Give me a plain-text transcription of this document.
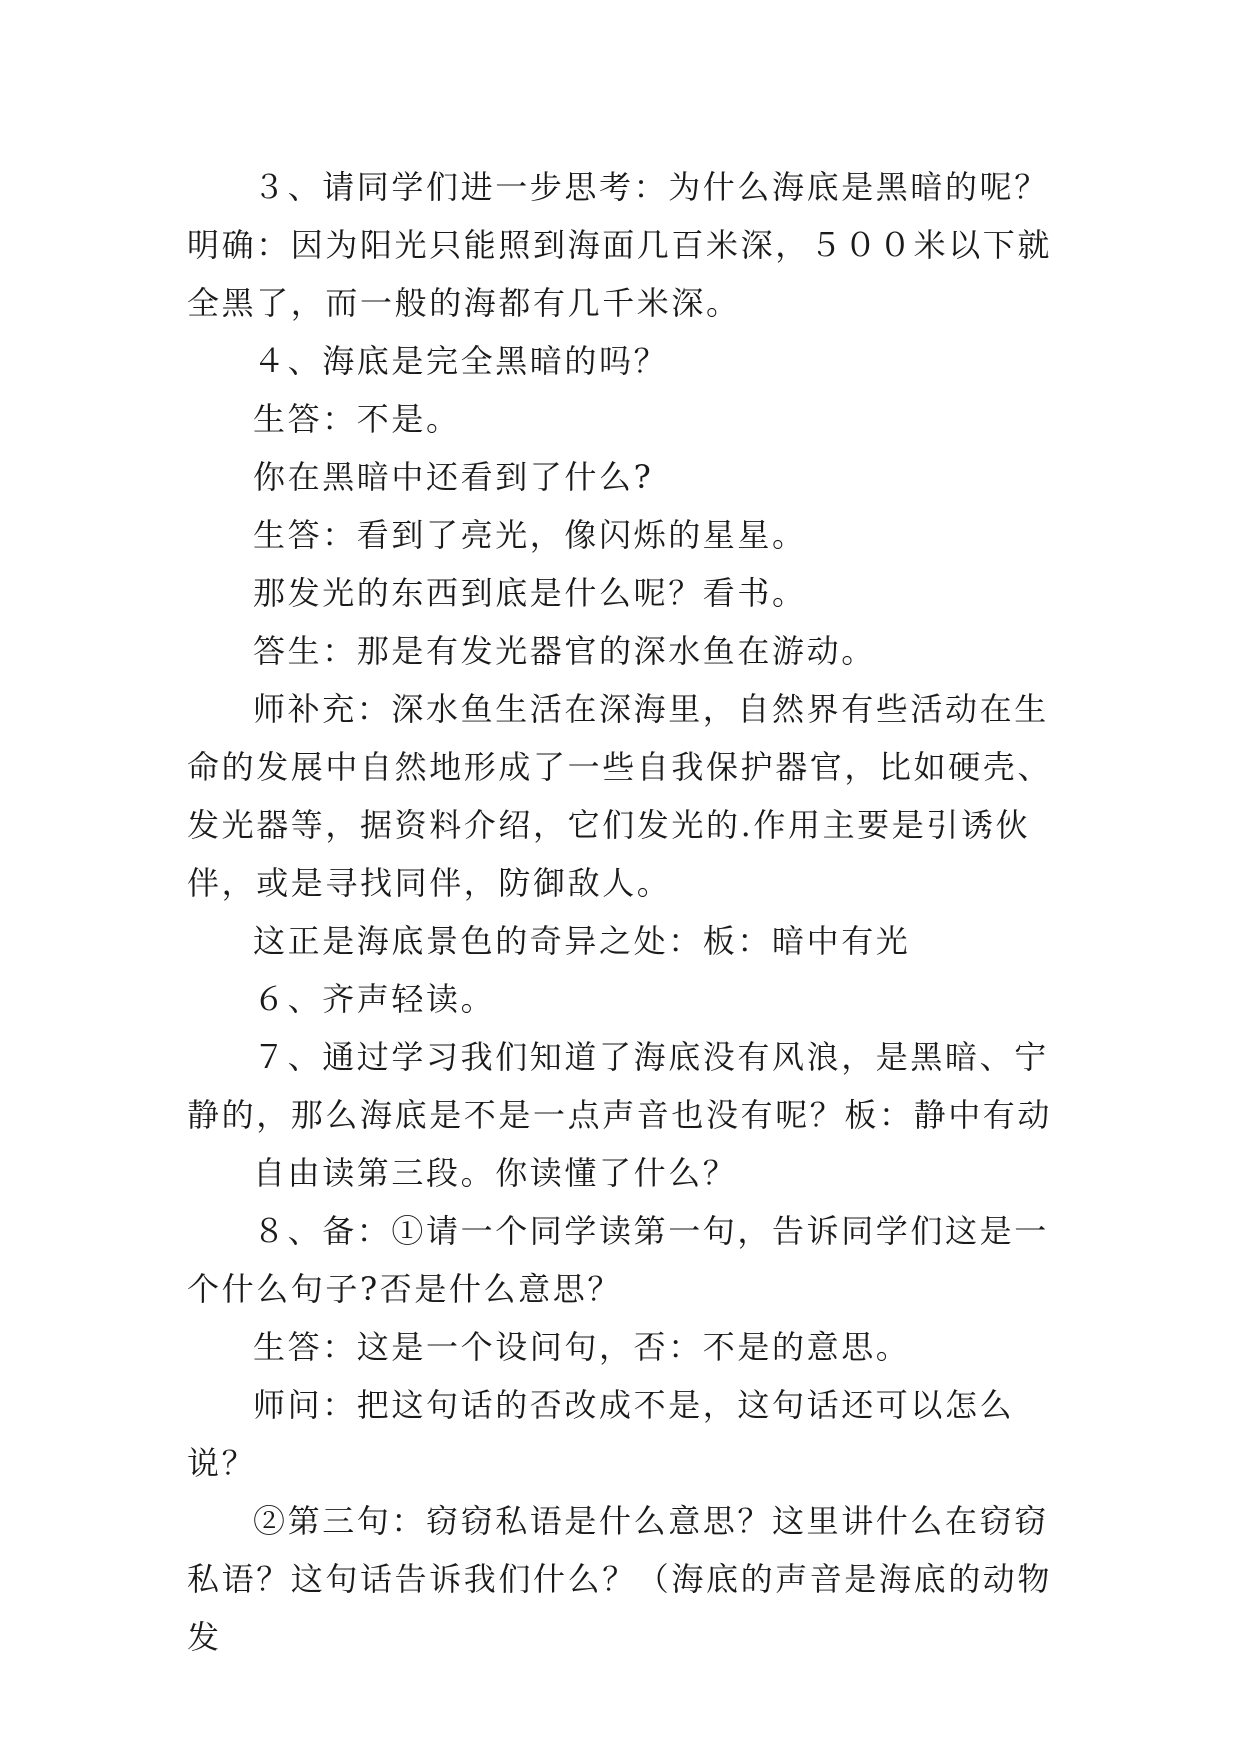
３、请同学们进一步思考：为什么海底是黑暗的呢？明确：因为阳光只能照到海面几百米深，５００米以下就全黑了，而一般的海都有几千米深。

４、海底是完全黑暗的吗？

生答：不是。

你在黑暗中还看到了什么?

生答：看到了亮光，像闪烁的星星。

那发光的东西到底是什么呢？看书。

答生：那是有发光器官的深水鱼在游动。

师补充：深水鱼生活在深海里，自然界有些活动在生命的发展中自然地形成了一些自我保护器官，比如硬壳、发光器等，据资料介绍，它们发光的.作用主要是引诱伙伴，或是寻找同伴，防御敌人。

这正是海底景色的奇异之处：板：暗中有光

６、齐声轻读。

７、通过学习我们知道了海底没有风浪，是黑暗、宁静的，那么海底是不是一点声音也没有呢？板：静中有动

自由读第三段。你读懂了什么？

８、备：①请一个同学读第一句，告诉同学们这是一个什么句子?否是什么意思？

生答：这是一个设问句，否：不是的意思。

师问：把这句话的否改成不是，这句话还可以怎么说？

②第三句：窃窃私语是什么意思？这里讲什么在窃窃私语？这句话告诉我们什么？（海底的声音是海底的动物发
